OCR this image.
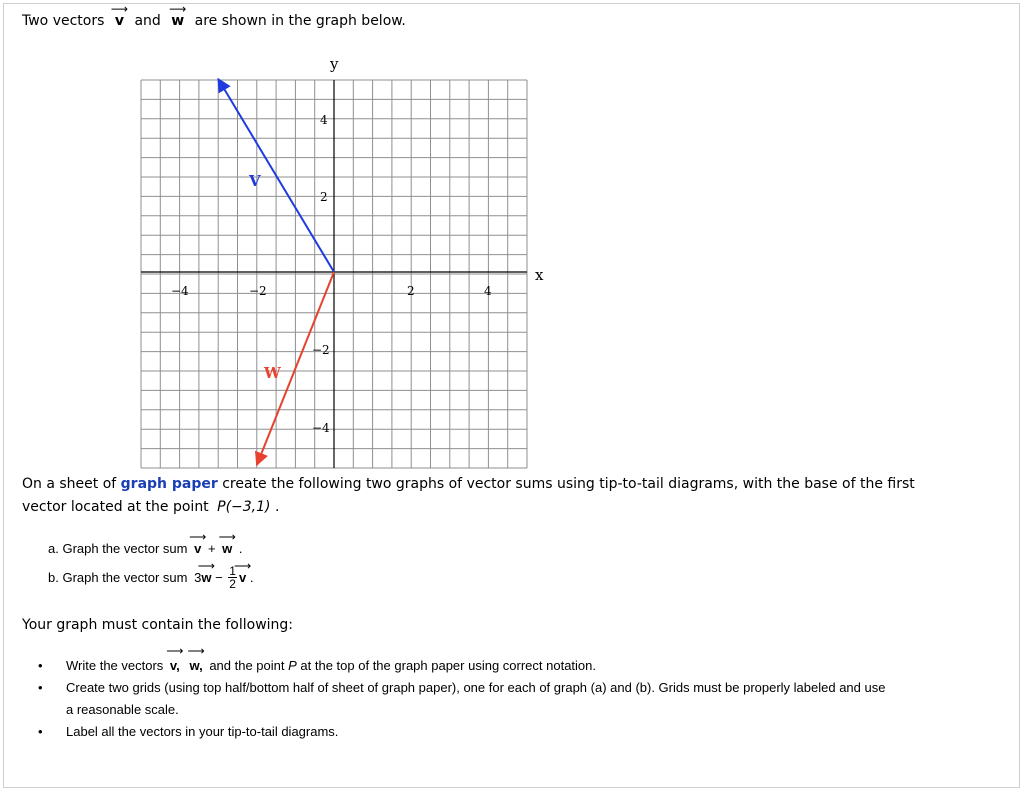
Two vectors
⟶
v and
⟶
w are shown in the graph below.
y
x
−4	−2	2	4
4
2
−2
−4
V
W
On a sheet of graph paper create the following two graphs of vector sums using tip-to-tail diagrams, with the base of the first
vector located at the point P(−3,1) .
a. Graph the vector sum
⟶
v +
⟶
w .
b. Graph the vector sum 3
⟶
$w - \frac{1}{2}$
⟶
v .
Your graph must contain the following:
• Write the vectors
⟶
v,
⟶
w, and the point P at the top of the graph paper using correct notation.
• Create two grids (using top half/bottom half of sheet of graph paper), one for each of graph (a) and (b). Grids must be properly labeled and use
a reasonable scale.
• Label all the vectors in your tip-to-tail diagrams.
